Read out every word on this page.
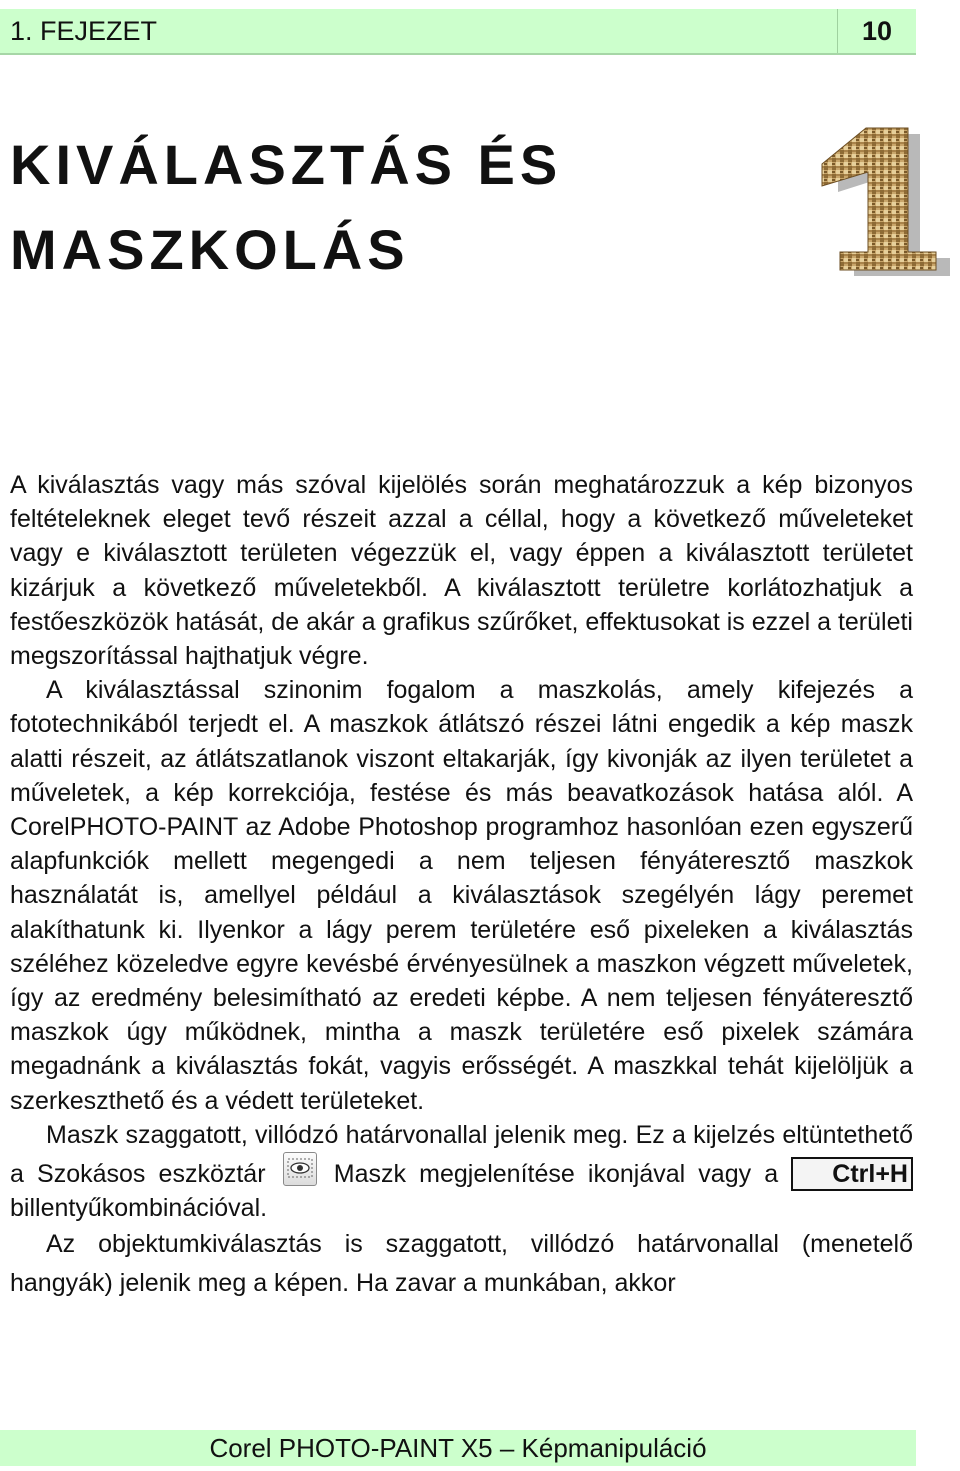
1. FEJEZET	10
KIVÁLASZTÁS ÉS
MASZKOLÁS

A kiválasztás vagy más szóval kijelölés során meghatározzuk a kép bizonyos feltételeknek eleget tevő részeit azzal a céllal, hogy a következő műveleteket vagy e kiválasztott területen végezzük el, vagy éppen a kiválasztott területet kizárjuk a következő műveletekből. A kiválasztott területre korlátozhatjuk a festőeszközök hatását, de akár a grafikus szűrőket, effektusokat is ezzel a területi megszorítással hajthatjuk végre.

A kiválasztással szinonim fogalom a maszkolás, amely kifejezés a fototechnikából terjedt el. A maszkok átlátszó részei látni engedik a kép maszk alatti részeit, az átlátszatlanok viszont eltakarják, így kivonják az ilyen területet a műveletek, a kép korrekciója, festése és más beavatkozások hatása alól. A CorelPHOTO-PAINT az Adobe Photoshop programhoz hasonlóan ezen egyszerű alapfunkciók mellett megengedi a nem teljesen fényáteresztő maszkok használatát is, amellyel például a kiválasztások szegélyén lágy peremet alakíthatunk ki. Ilyenkor a lágy perem területére eső pixeleken a kiválasztás széléhez közeledve egyre kevésbé érvényesülnek a maszkon végzett műveletek, így az eredmény belesimítható az eredeti képbe. A nem teljesen fényáteresztő maszkok úgy működnek, mintha a maszk területére eső pixelek számára megadnánk a kiválasztás fokát, vagyis erősségét. A maszkkal tehát kijelöljük a szerkeszthető és a védett területeket.

Maszk szaggatott, villódzó határvonallal jelenik meg. Ez a kijelzés eltüntethető a Szokásos eszköztár	Maszk megjelenítése ikonjával vagy a Ctrl+H billentyűkombinációval.

Az objektumkiválasztás is szaggatott, villódzó határvonallal (menetelő hangyák) jelenik meg a képen. Ha zavar a munkában, akkor

Corel PHOTO-PAINT X5 – Képmanipuláció
